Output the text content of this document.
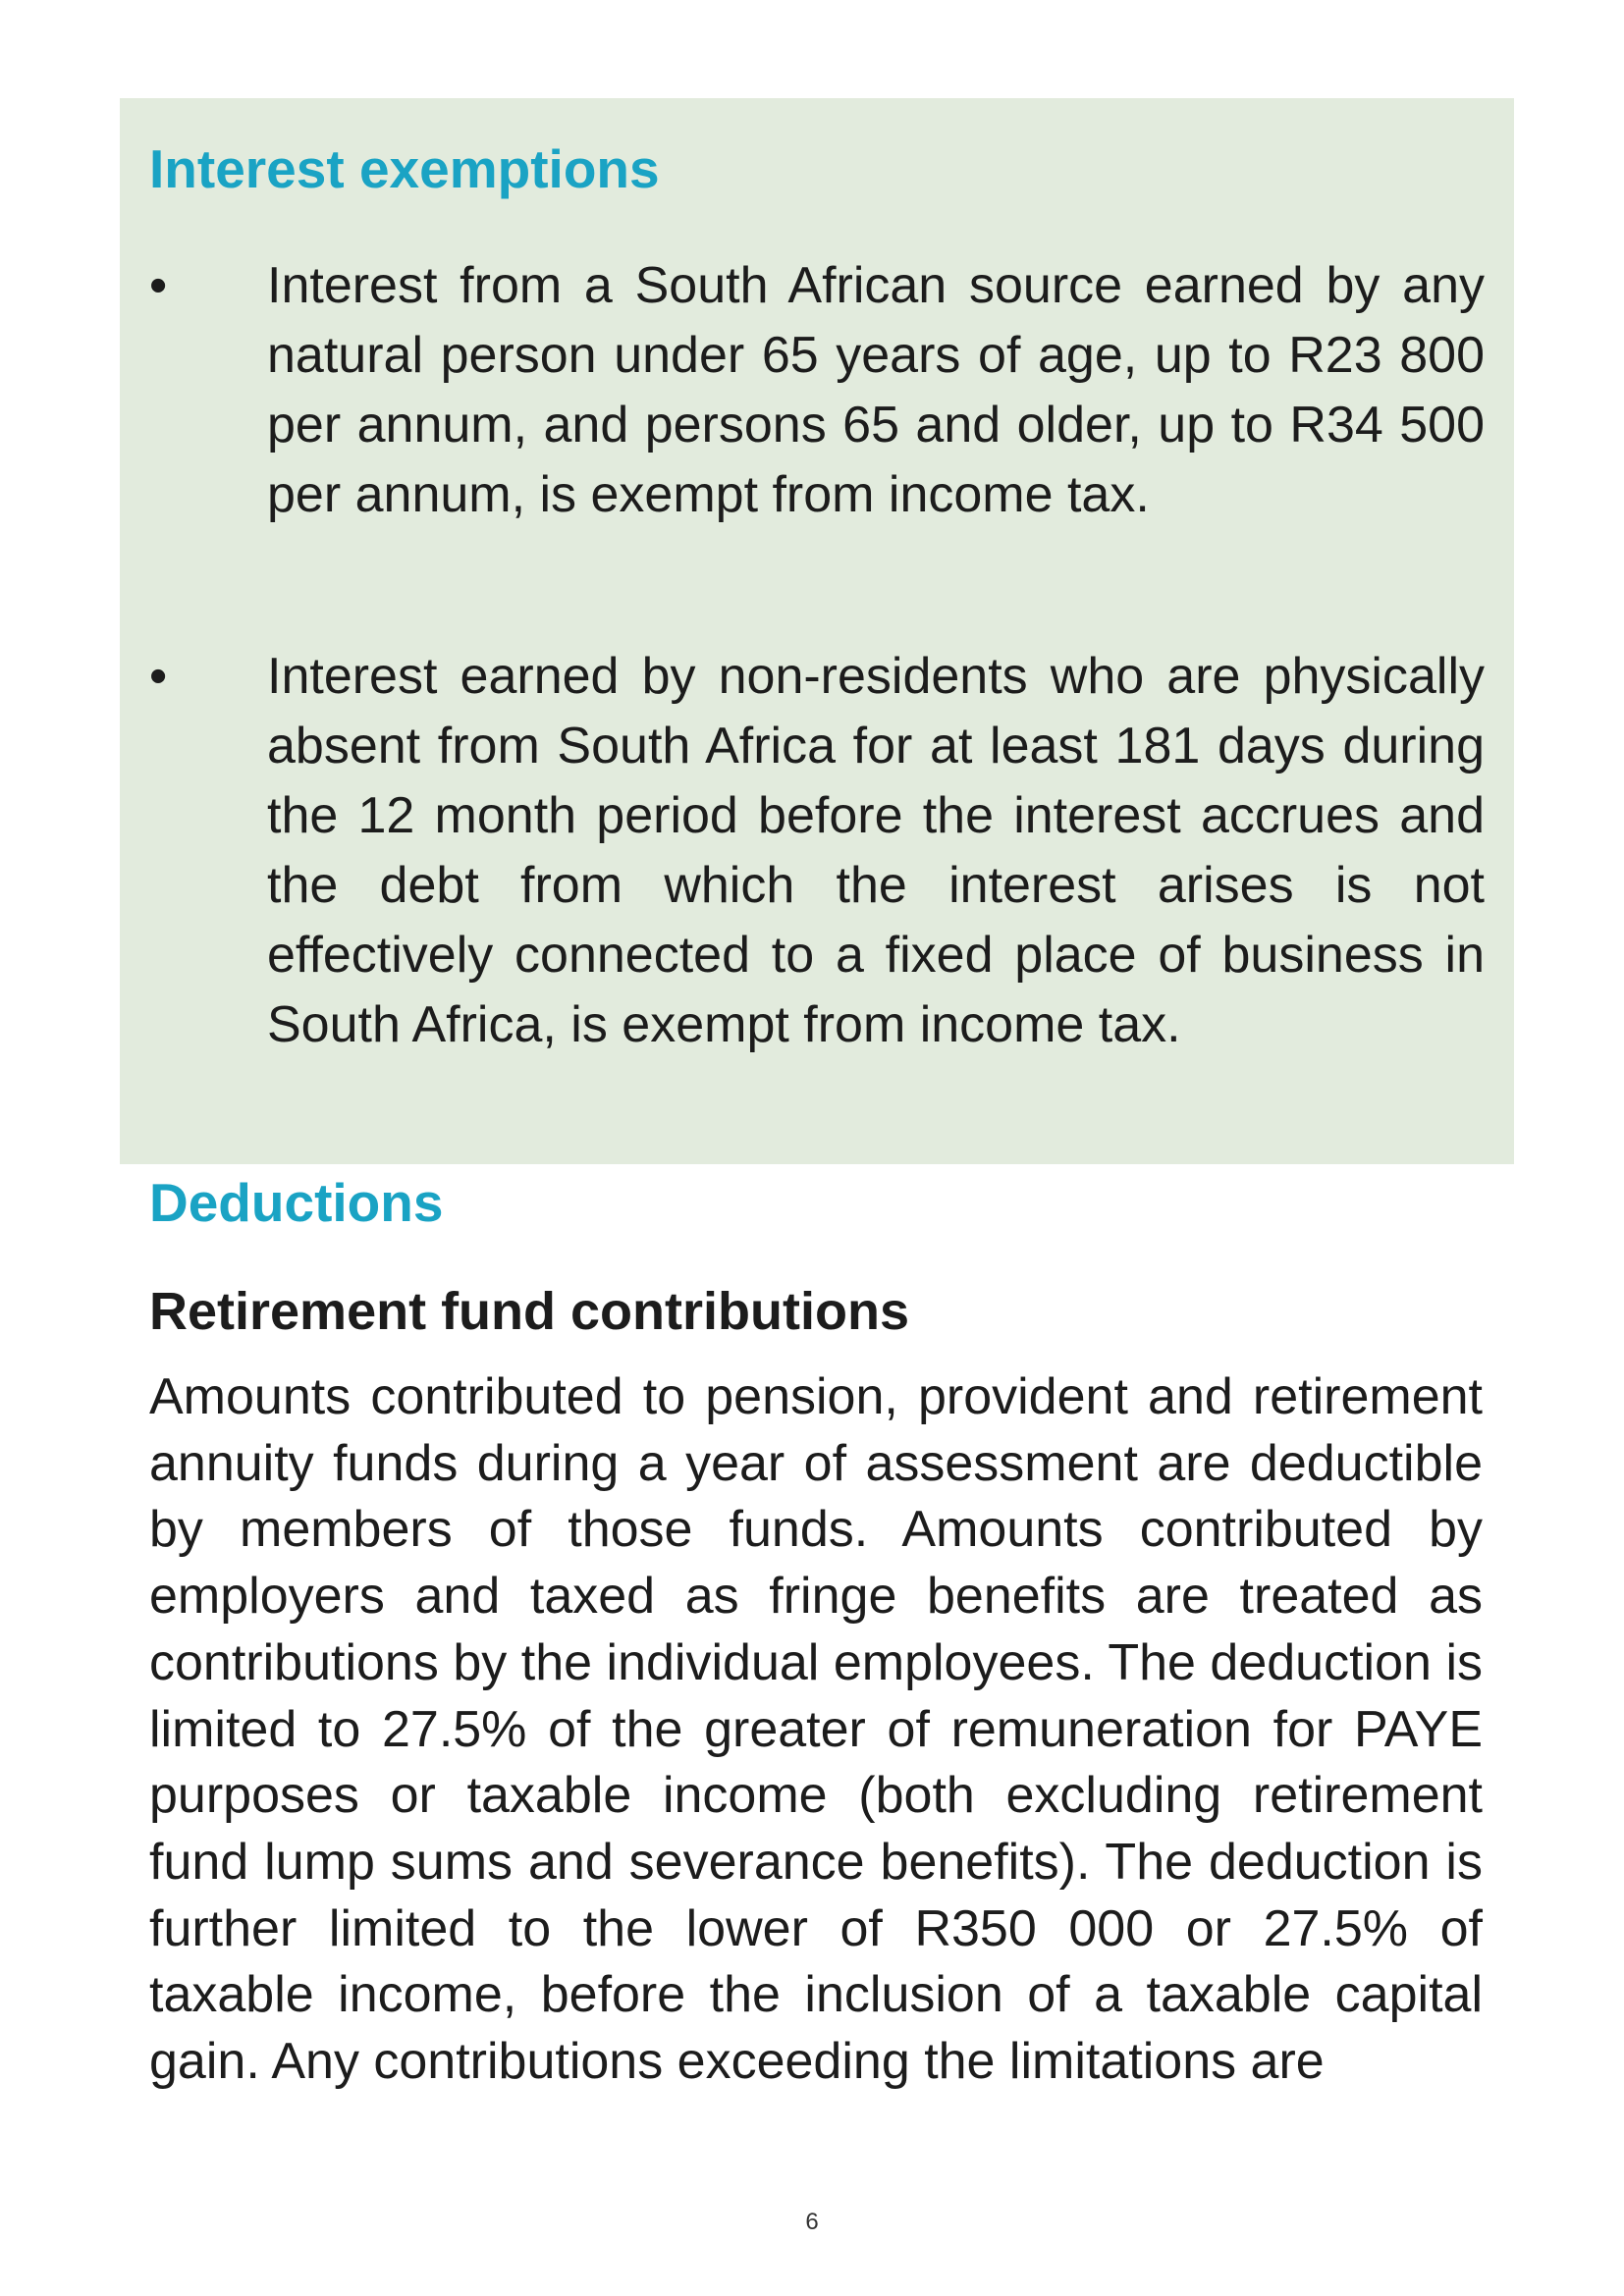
Interest exemptions
•	Interest from a South African source earned by any natural person under 65 years of age, up to R23 800 per annum, and persons 65 and older, up to R34 500 per annum, is exempt from income tax.
•	Interest earned by non-residents who are physically absent from South Africa for at least 181 days during the 12 month period before the interest accrues and the debt from which the interest arises is not effectively connected to a fixed place of business in South Africa, is exempt from income tax.
Deductions
Retirement fund contributions

Amounts contributed to pension, provident and retirement annuity funds during a year of assessment are deductible by members of those funds. Amounts contributed by employers and taxed as fringe benefits are treated as contributions by the individual employees. The deduction is limited to 27.5% of the greater of remuneration for PAYE purposes or taxable income (both excluding retirement fund lump sums and severance benefits). The deduction is further limited to the lower of R350 000 or 27.5% of taxable income, before the inclusion of a taxable capital gain. Any contributions exceeding the limitations are

6
